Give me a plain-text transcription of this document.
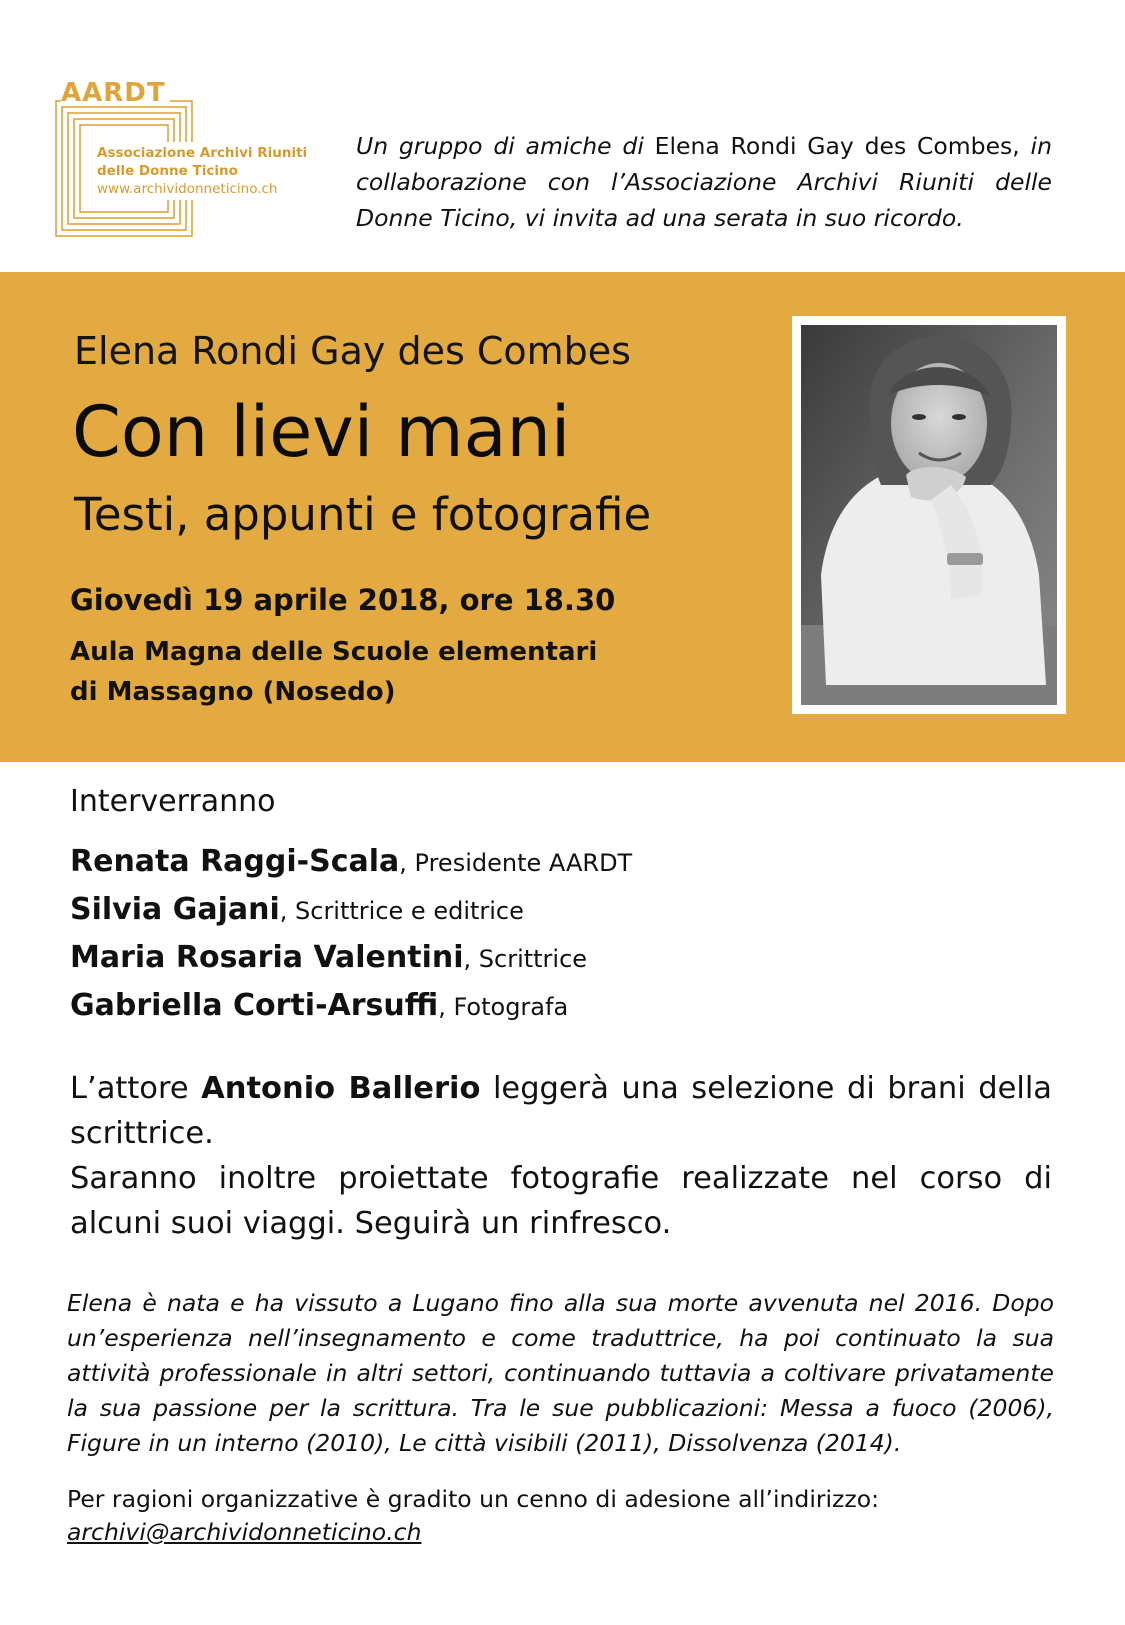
AARDT
Associazione Archivi Riuniti
delle Donne Ticino
www.archividonneticino.ch
Un gruppo di amiche di Elena Rondi Gay des Combes, in collaborazione con l’Associazione Archivi Riuniti delle Donne Ticino, vi invita ad una serata in suo ricordo.
Elena Rondi Gay des Combes
Con lievi mani
Testi, appunti e fotografie
Giovedì 19 aprile 2018, ore 18.30
Aula Magna delle Scuole elementari
di Massagno (Nosedo)
Interverranno
Renata Raggi-Scala, Presidente AARDT
Silvia Gajani, Scrittrice e editrice
Maria Rosaria Valentini, Scrittrice
Gabriella Corti-Arsuffi, Fotografa

L’attore Antonio Ballerio leggerà una selezione di brani della scrittrice.

Saranno inoltre proiettate fotografie realizzate nel corso di alcuni suoi viaggi. Seguirà un rinfresco.

Elena è nata e ha vissuto a Lugano fino alla sua morte avvenuta nel 2016. Dopo un’esperienza nell’insegnamento e come traduttrice, ha poi continuato la sua attività professionale in altri settori, continuando tuttavia a coltivare privatamente la sua passione per la scrittura. Tra le sue pubblicazioni: Messa a fuoco (2006), Figure in un interno (2010), Le città visibili (2011), Dissolvenza (2014).
Per ragioni organizzative è gradito un cenno di adesione all’indirizzo:
archivi@archividonneticino.ch
